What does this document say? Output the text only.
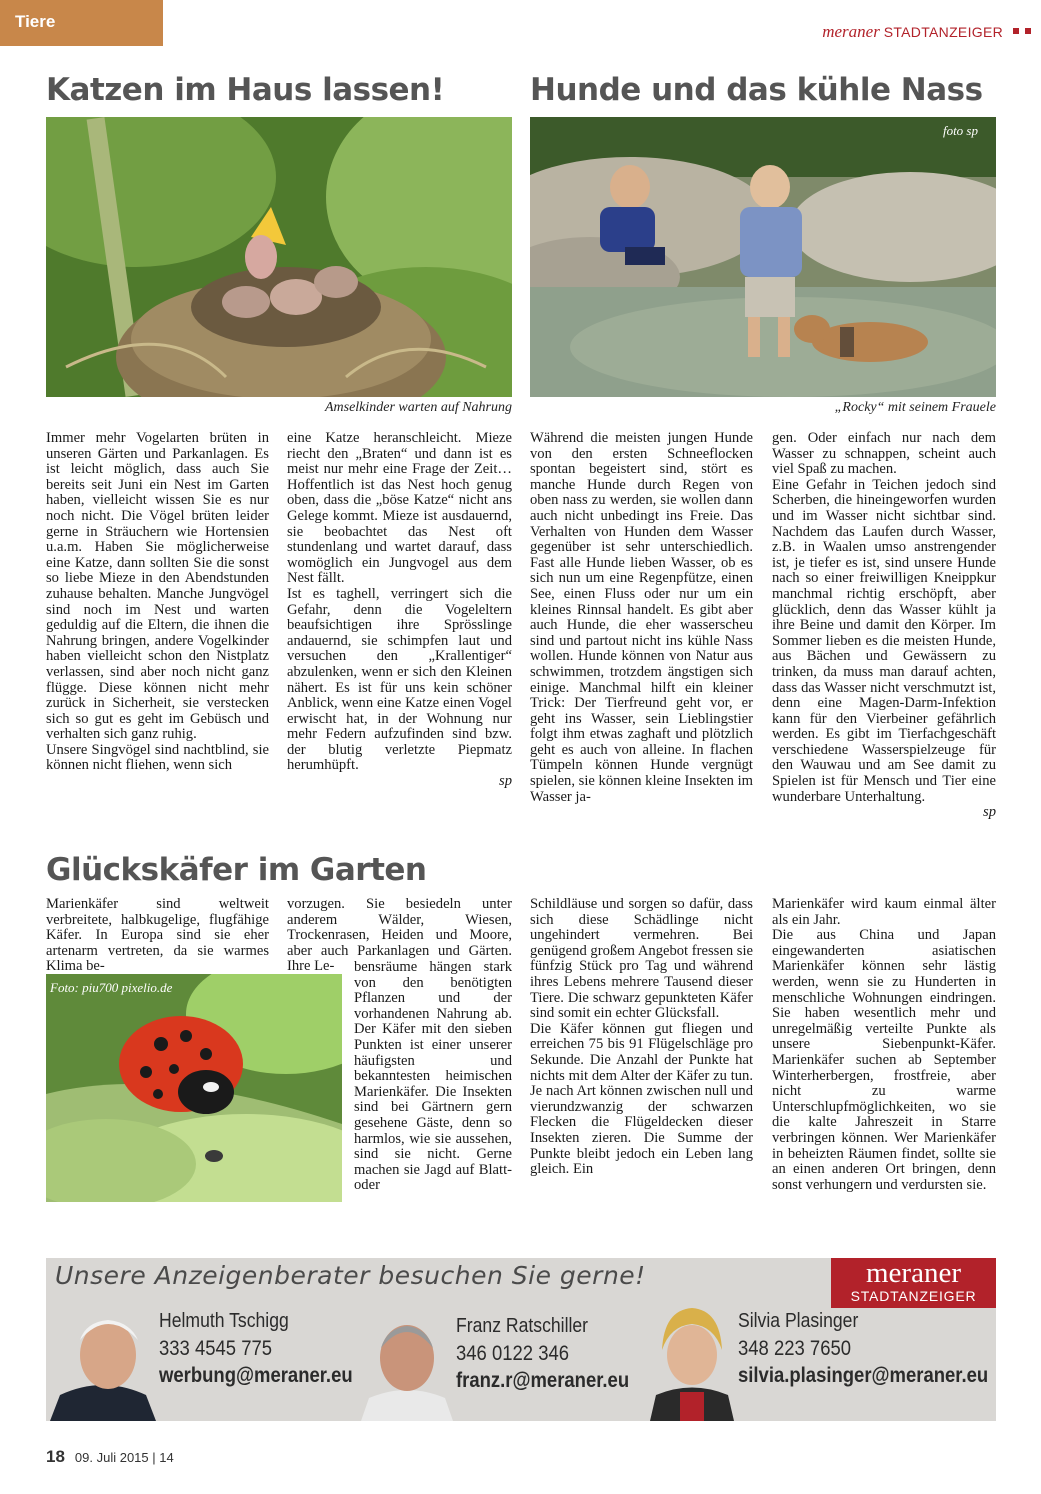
Tiere
meraner STADTANZEIGER
Katzen im Haus lassen!
Amselkinder warten auf Nahrung

Immer mehr Vogelarten brüten in unseren Gärten und Parkanlagen. Es ist leicht möglich, dass auch Sie bereits seit Juni ein Nest im Garten haben, vielleicht wissen Sie es nur noch nicht. Die Vögel brüten leider gerne in Sträuchern wie Hortensien u.a.m. Haben Sie möglicherweise eine Katze, dann sollten Sie die sonst so liebe Mieze in den Abendstunden zuhause behalten. Manche Jungvögel sind noch im Nest und warten geduldig auf die Eltern, die ihnen die Nahrung bringen, andere Vogelkinder haben vielleicht schon den Nistplatz verlassen, sind aber noch nicht ganz flügge. Diese können nicht mehr zurück in Sicherheit, sie verstecken sich so gut es geht im Gebüsch und verhalten sich ganz ruhig.

Unsere Singvögel sind nachtblind, sie können nicht fliehen, wenn sich

eine Katze heranschleicht. Mieze riecht den „Braten“ und dann ist es meist nur mehr eine Frage der Zeit… Hoffentlich ist das Nest hoch genug oben, dass die „böse Katze“ nicht ans Gelege kommt. Mieze ist ausdauernd, sie beobachtet das Nest oft stundenlang und wartet darauf, dass womöglich ein Jungvogel aus dem Nest fällt.

Ist es taghell, verringert sich die Gefahr, denn die Vogeleltern beaufsichtigen ihre Sprösslinge andauernd, sie schimpfen laut und versuchen den „Krallentiger“ abzulenken, wenn er sich den Kleinen nähert. Es ist für uns kein schöner Anblick, wenn eine Katze einen Vogel erwischt hat, in der Wohnung nur mehr Federn aufzufinden sind bzw. der blutig verletzte Piepmatz herumhüpft.

sp
Hunde und das kühle Nass
foto sp
„Rocky“ mit seinem Frauele

Während die meisten jungen Hunde von den ersten Schneeflocken spontan begeistert sind, stört es manche Hunde durch Regen von oben nass zu werden, sie wollen dann auch nicht unbedingt ins Freie. Das Verhalten von Hunden dem Wasser gegenüber ist sehr unterschiedlich. Fast alle Hunde lieben Wasser, ob es sich nun um eine Regenpfütze, einen See, einen Fluss oder nur um ein kleines Rinnsal handelt. Es gibt aber auch Hunde, die eher wasserscheu sind und partout nicht ins kühle Nass wollen. Hunde können von Natur aus schwimmen, trotzdem ängstigen sich einige. Manchmal hilft ein kleiner Trick: Der Tierfreund geht vor, er geht ins Wasser, sein Lieblingstier folgt ihm etwas zaghaft und plötzlich geht es auch von alleine. In flachen Tümpeln können Hunde vergnügt spielen, sie können kleine Insekten im Wasser ja-

gen. Oder einfach nur nach dem Wasser zu schnappen, scheint auch viel Spaß zu machen.

Eine Gefahr in Teichen jedoch sind Scherben, die hineingeworfen wurden und im Wasser nicht sichtbar sind. Nachdem das Laufen durch Wasser, z.B. in Waalen umso anstrengender ist, je tiefer es ist, sind unsere Hunde nach so einer freiwilligen Kneippkur manchmal richtig erschöpft, aber glücklich, denn das Wasser kühlt ja ihre Beine und damit den Körper. Im Sommer lieben es die meisten Hunde, aus Bächen und Gewässern zu trinken, da muss man darauf achten, dass das Wasser nicht verschmutzt ist, denn eine Magen-Darm-Infektion kann für den Vierbeiner gefährlich werden. Es gibt im Tierfachgeschäft verschiedene Wasserspielzeuge für den Wauwau und am See damit zu Spielen ist für Mensch und Tier eine wunderbare Unterhaltung.

sp
Glückskäfer im Garten

Marienkäfer sind weltweit verbreitete, halbkugelige, flugfähige Käfer. In Europa sind sie eher artenarm vertreten, da sie warmes Klima be-

Foto: piu700 pixelio.de

vorzugen. Sie besiedeln unter anderem Wälder, Wiesen, Trockenrasen, Heiden und Moore, aber auch Parkanlagen und Gärten. Ihre Le-	bensräume hängen stark von den benötigten Pflanzen und der vorhandenen Nahrung ab. Der Käfer mit den sieben Punkten ist einer unserer häufigsten und bekanntesten heimischen Marienkäfer. Die Insekten sind bei Gärtnern gern gesehene Gäste, denn so harmlos, wie sie aussehen, sind sie nicht. Gerne machen sie Jagd auf Blatt- oder

Schildläuse und sorgen so dafür, dass sich diese Schädlinge nicht ungehindert vermehren. Bei genügend großem Angebot fressen sie fünfzig Stück pro Tag und während ihres Lebens mehrere Tausend dieser Tiere. Die schwarz gepunkteten Käfer sind somit ein echter Glücksfall.

Die Käfer können gut fliegen und erreichen 75 bis 91 Flügelschläge pro Sekunde. Die Anzahl der Punkte hat nichts mit dem Alter der Käfer zu tun. Je nach Art können zwischen null und vierundzwanzig der schwarzen Flecken die Flügeldecken dieser Insekten zieren. Die Summe der Punkte bleibt jedoch ein Leben lang gleich. Ein

Marienkäfer wird kaum einmal älter als ein Jahr.

Die aus China und Japan eingewanderten asiatischen Marienkäfer können sehr lästig werden, wenn sie zu Hunderten in menschliche Wohnungen eindringen. Sie haben wesentlich mehr und unregelmäßig verteilte Punkte als unsere Siebenpunkt-Käfer. Marienkäfer suchen ab September Winterherbergen, frostfreie, aber nicht zu warme Unterschlupfmöglichkeiten, wo sie die kalte Jahreszeit in Starre verbringen können. Wer Marienkäfer in beheizten Räumen findet, sollte sie an einen anderen Ort bringen, denn sonst verhungern und verdursten sie.

Unsere Anzeigenberater besuchen Sie gerne!	meraner
STADTANZEIGER
Helmuth Tschigg
333 4545 775
werbung@meraner.eu
Franz Ratschiller
346 0122 346
franz.r@meraner.eu
Silvia Plasinger
348 223 7650
silvia.plasinger@meraner.eu
18 09. Juli 2015 | 14
